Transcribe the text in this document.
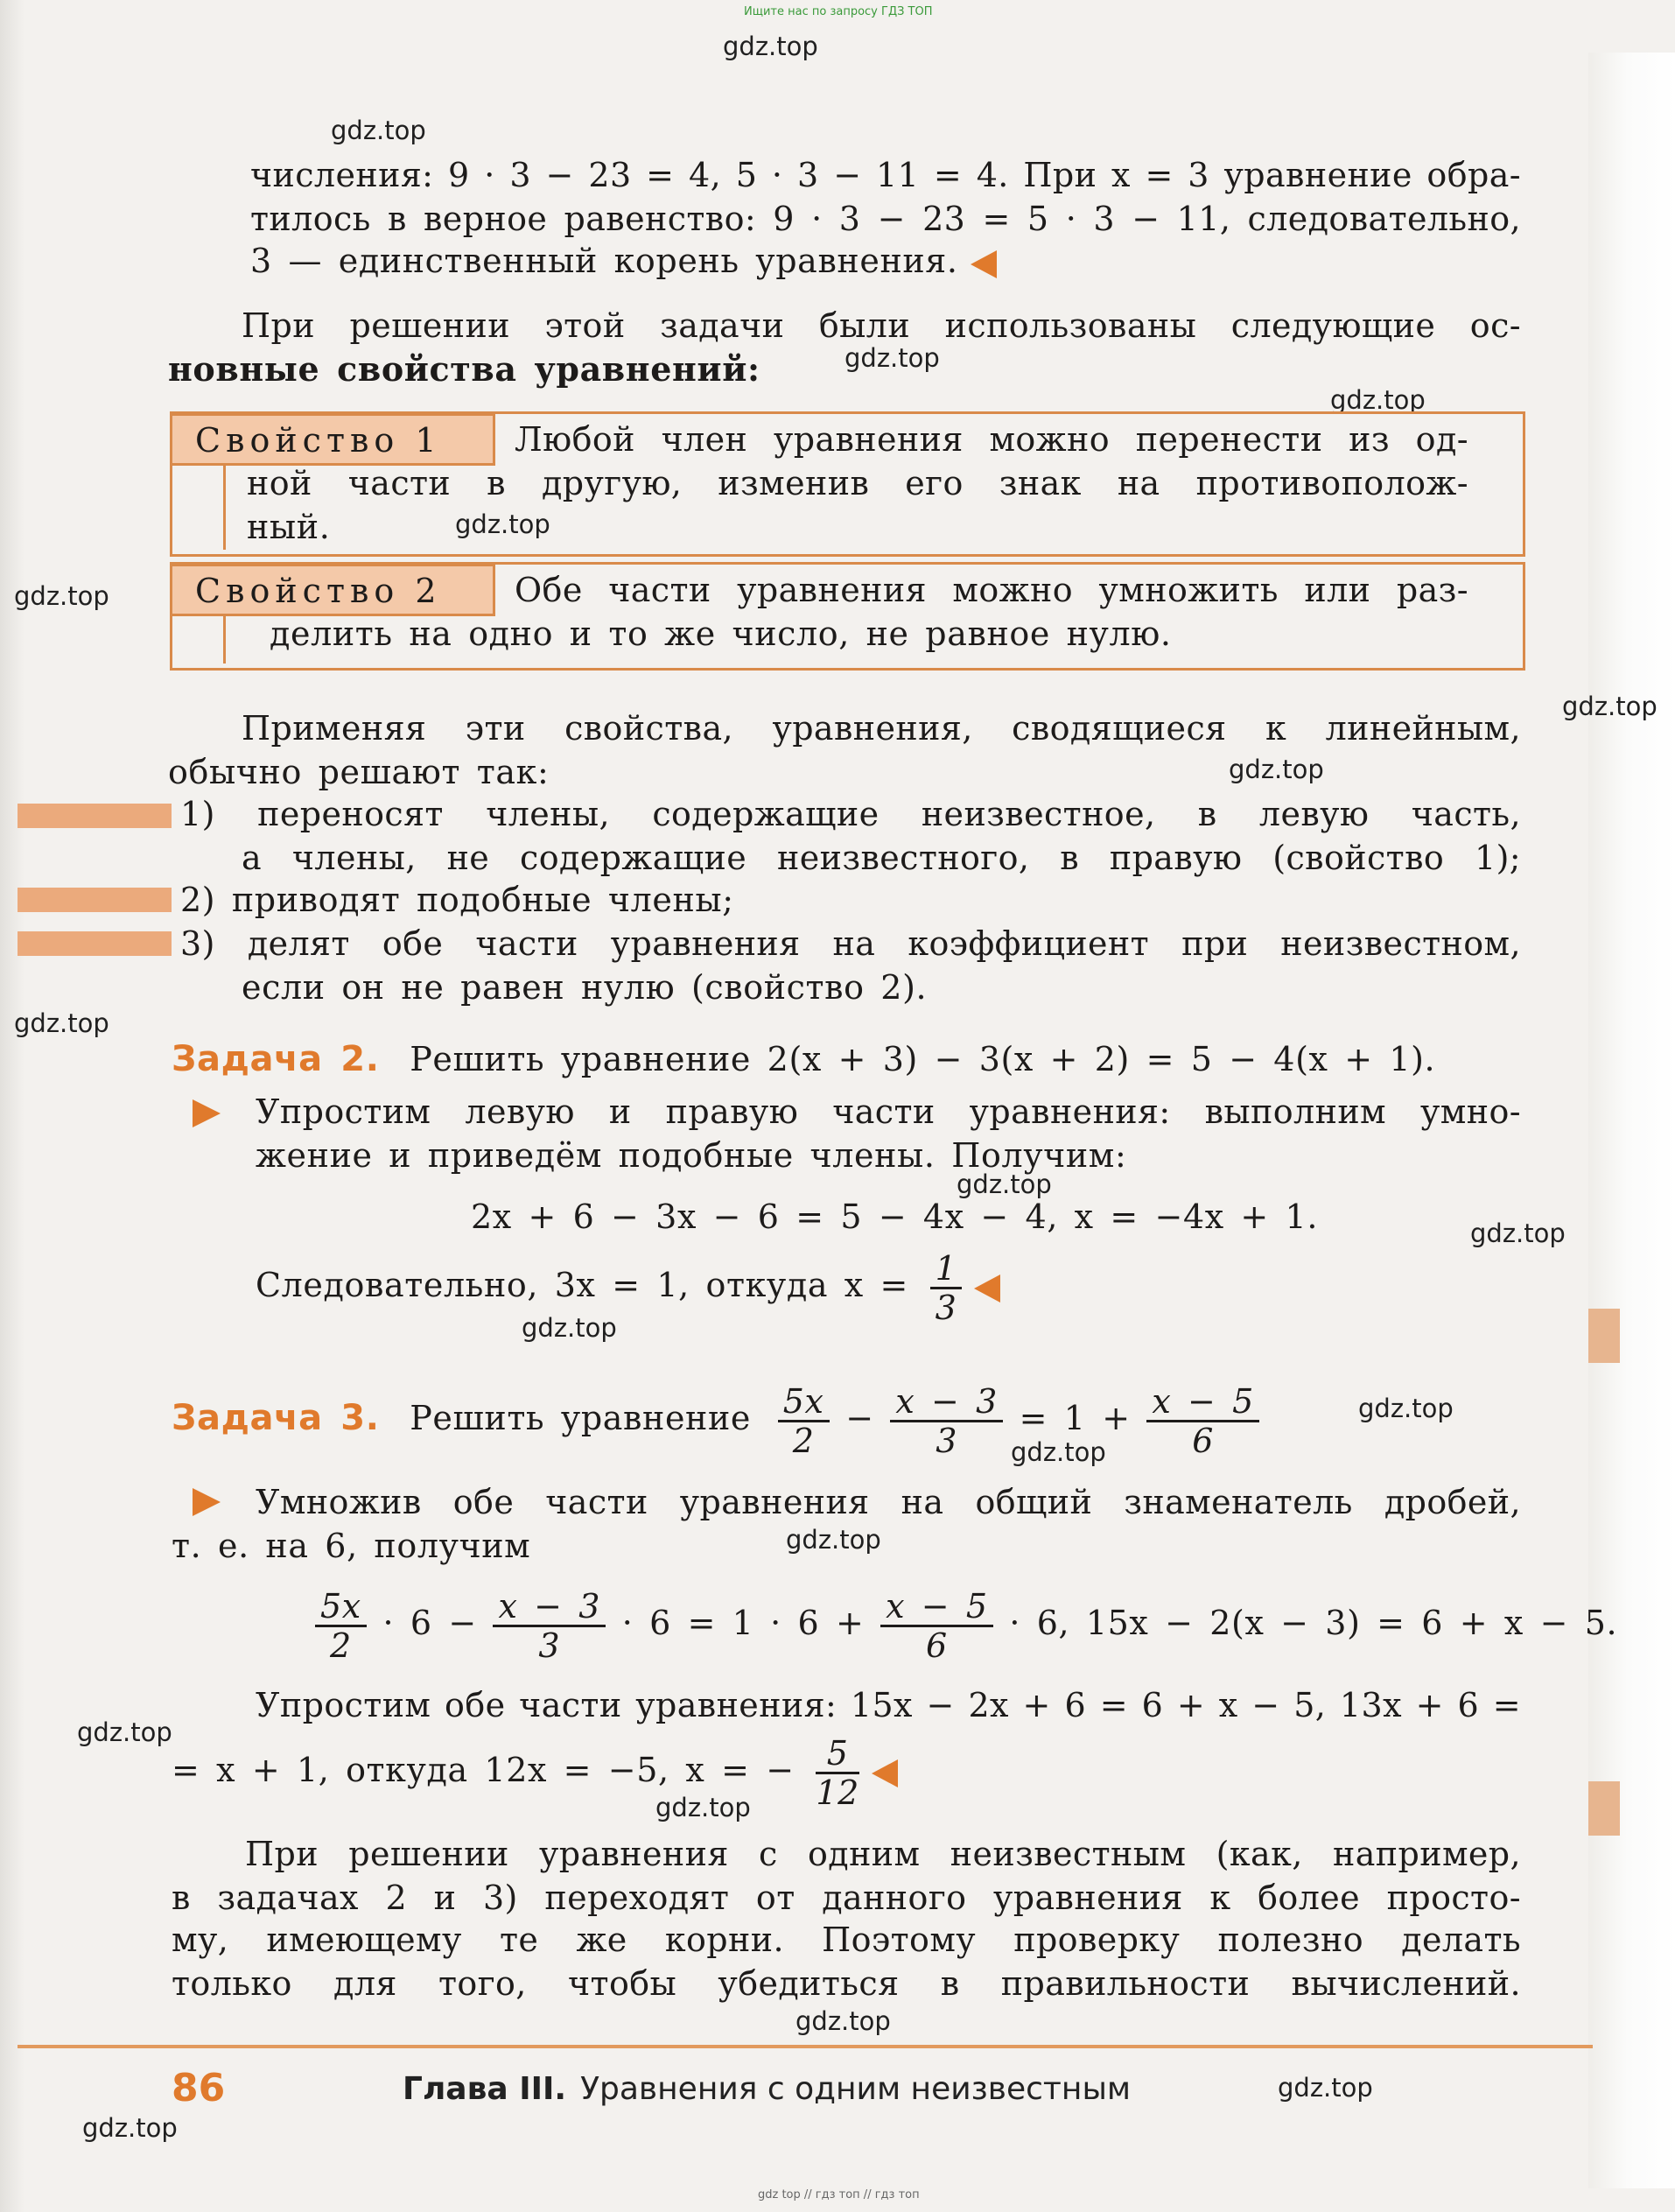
Ищите нас по запросу ГДЗ ТОП
gdz.top
gdz.top
gdz.top
gdz.top
gdz.top
gdz.top
gdz.top
gdz.top
gdz.top
gdz.top
gdz.top
gdz.top
gdz.top
gdz.top
gdz.top
gdz.top
gdz.top
gdz.top
gdz.top
gdz.top
числения: 9 · 3 − 23 = 4, 5 · 3 − 11 = 4. При x = 3 уравнение обра-
тилось в верное равенство: 9 · 3 − 23 = 5 · 3 − 11, следовательно,
3 — единственный корень уравнения.
При решении этой задачи были использованы следующие ос-
новные свойства уравнений:
Свойство 1	Любой член уравнения можно перенести из од-
ной части в другую, изменив его знак на противополож-
ный.
Свойство 2	Обе части уравнения можно умножить или раз-
делить на одно и то же число, не равное нулю.
Применяя эти свойства, уравнения, сводящиеся к линейным,
обычно решают так:
1) переносят члены, содержащие неизвестное, в левую часть,
а члены, не содержащие неизвестного, в правую (свойство 1);
2) приводят подобные члены;
3) делят обе части уравнения на коэффициент при неизвестном,
если он не равен нулю (свойство 2).
Задача 2. Решить уравнение 2(x + 3) − 3(x + 2) = 5 − 4(x + 1).
Упростим левую и правую части уравнения: выполним умно-
жение и приведём подобные члены. Получим:
2x + 6 − 3x − 6 = 5 − 4x − 4, x = −4x + 1.
Следовательно, 3x = 1, откуда $x = \frac{1}{3}$
Задача 3. Решить уравнение $\frac{5x}{2} - \frac{x - 3}{3} = 1 + \frac{x - 5}{6}$
Умножив обе части уравнения на общий знаменатель дробей,
т. е. на 6, получим
$\frac{5x}{2} \cdot 6 - \frac{x - 3}{3} \cdot 6 = 1 \cdot 6 + \frac{x - 5}{6} \cdot 6$, 15x − 2(x − 3) = 6 + x − 5.
Упростим обе части уравнения: 15x − 2x + 6 = 6 + x − 5, 13x + 6 =
= x + 1, откуда 12x = −5, x = − $\frac{5}{12}$
При решении уравнения с одним неизвестным (как, например,
в задачах 2 и 3) переходят от данного уравнения к более просто-
му, имеющему те же корни. Поэтому проверку полезно делать
только для того, чтобы убедиться в правильности вычислений.
86	Глава III. Уравнения с одним неизвестным
gdz top // гдз топ // гдз топ
